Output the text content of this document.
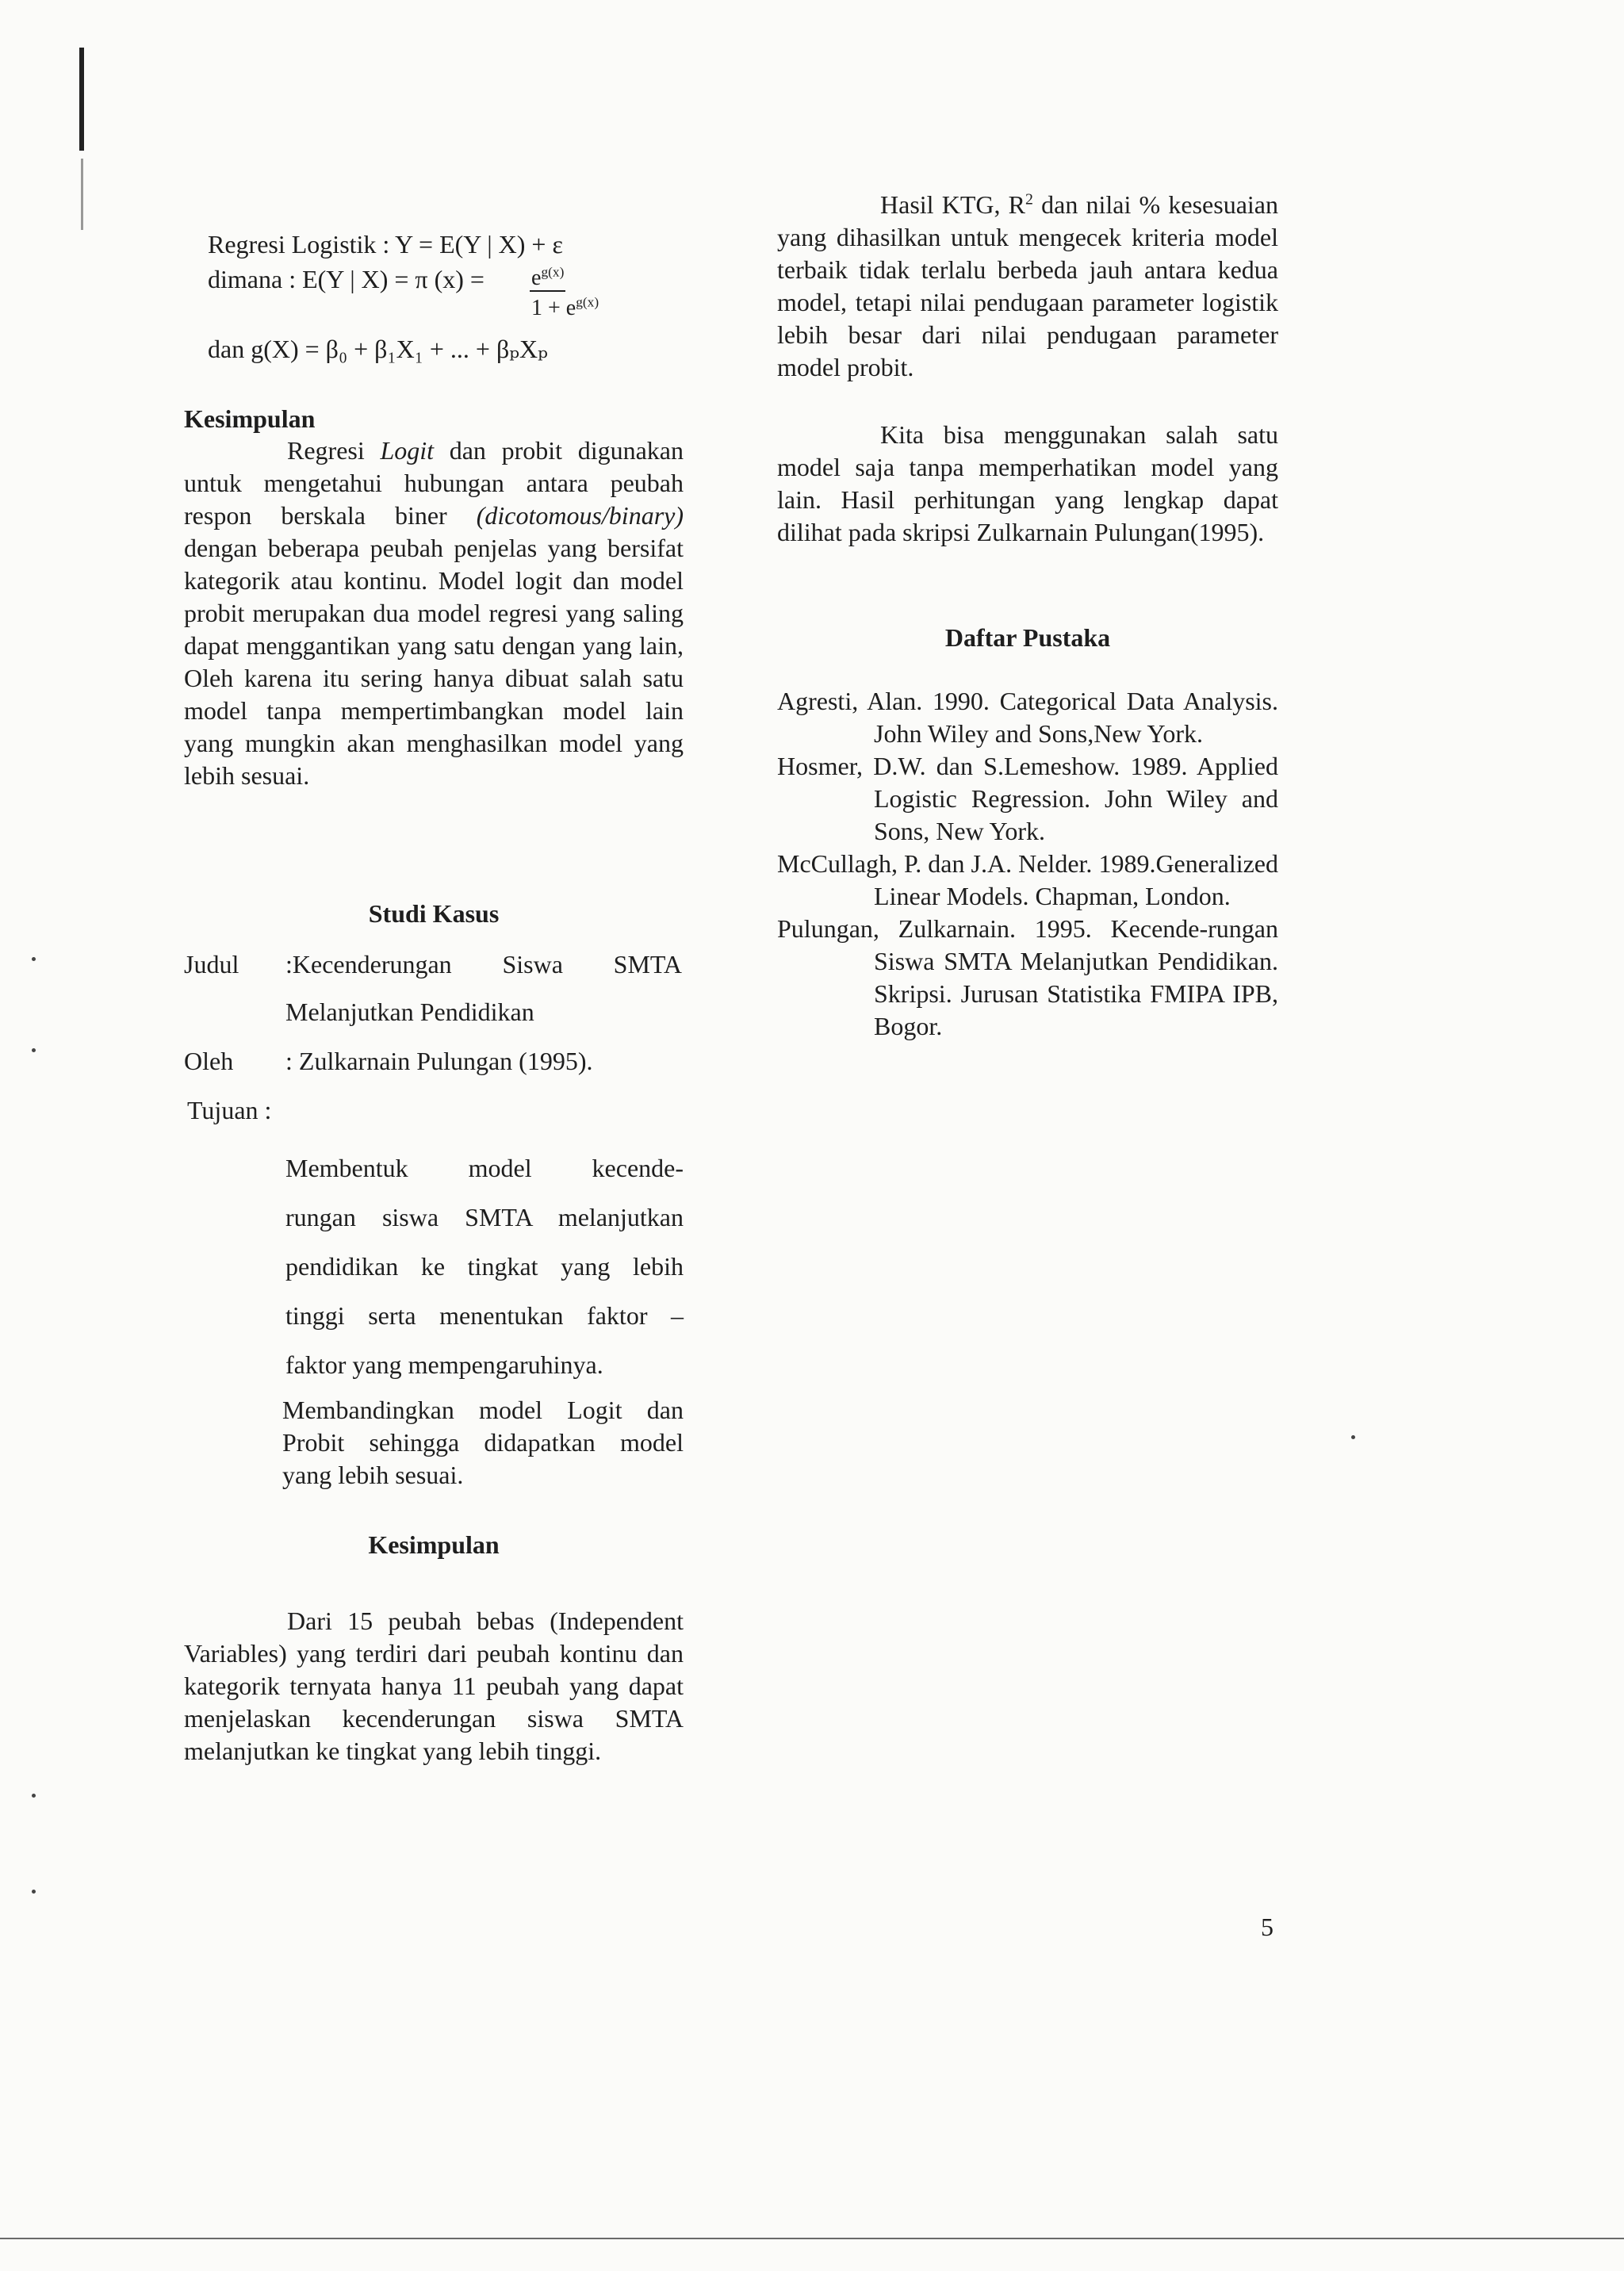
Regresi Logistik : Y = E(Y | X) + ε
dimana : E(Y | X) = π $(x) = e^{g(x)}$
$1 + e^{g(x)}$
dan g(X) = β₀ + β₁X₁ + ... + βₚXₚ
Kesimpulan
Regresi Logit dan probit digunakan untuk mengetahui hubungan antara peubah respon berskala biner (dicotomous/binary) dengan beberapa peubah penjelas yang bersifat kategorik atau kontinu. Model logit dan model probit merupakan dua model regresi yang saling dapat menggantikan yang satu dengan yang lain, Oleh karena itu sering hanya dibuat salah satu model tanpa mempertimbangkan model lain yang mungkin akan menghasilkan model yang lebih sesuai.
Studi Kasus
Judul :Kecenderungan Siswa SMTA
Melanjutkan Pendidikan
Oleh : Zulkarnain Pulungan (1995).
Tujuan :
Membentuk model kecende-
rungan siswa SMTA melanjutkan
pendidikan ke tingkat yang lebih
tinggi serta menentukan faktor –
faktor yang mempengaruhinya.
Membandingkan model Logit dan Probit sehingga didapatkan model yang lebih sesuai.
Kesimpulan
Dari 15 peubah bebas (Independent Variables) yang terdiri dari peubah kontinu dan kategorik ternyata hanya 11 peubah yang dapat menjelaskan kecenderungan siswa SMTA melanjutkan ke tingkat yang lebih tinggi.
Hasil KTG, $R^2$ dan nilai % kesesuaian yang dihasilkan untuk mengecek kriteria model terbaik tidak terlalu berbeda jauh antara kedua model, tetapi nilai pendugaan parameter logistik lebih besar dari nilai pendugaan parameter model probit.
Kita bisa menggunakan salah satu model saja tanpa memperhatikan model yang lain. Hasil perhitungan yang lengkap dapat dilihat pada skripsi Zulkarnain Pulungan(1995).
Daftar Pustaka

Agresti, Alan. 1990. Categorical Data Analysis. John Wiley and Sons,New York.

Hosmer, D.W. dan S.Lemeshow. 1989. Applied Logistic Regression. John Wiley and Sons, New York.

McCullagh, P. dan J.A. Nelder. 1989.Generalized Linear Models. Chapman, London.

Pulungan, Zulkarnain. 1995. Kecende-rungan Siswa SMTA Melanjutkan Pendidikan. Skripsi. Jurusan Statistika FMIPA IPB, Bogor.

5
